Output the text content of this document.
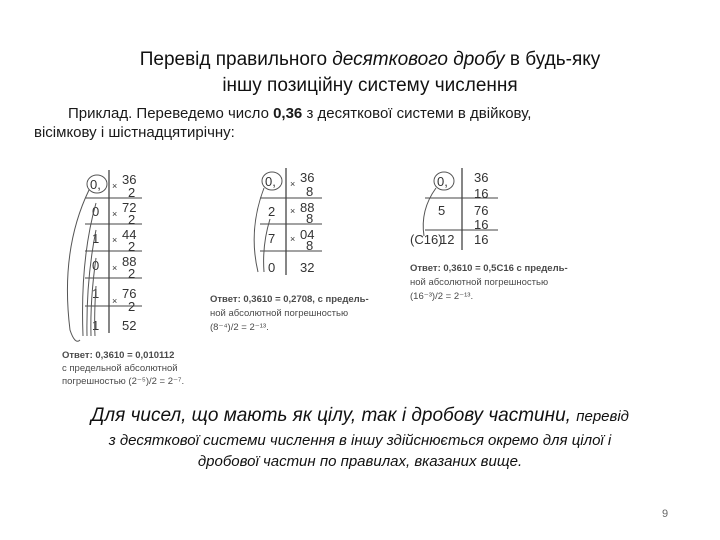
Перевід правильного десяткового дробу в будь-яку
іншу позиційну систему числення
Приклад. Переведемо число 0,36 з десяткової системи в двійкову,
вісімкову і шістнадцятирічну:
0,
0
1
0
1
1
×
×
×
×
×
36
2
72
2
44
2
88
2
76
2
52
Ответ: 0,3610 = 0,010112
с предельной абсолютной
погрешностью (2⁻⁵)/2 = 2⁻⁷.
0,
2
7
0
×
×
×
36
8
88
8
04
8
32
Ответ: 0,3610 = 0,2708, с предель-
ной абсолютной погрешностью
(8⁻⁴)/2 = 2⁻¹³.
0,
5
12
(C16)
36
16
76
16
16
Ответ: 0,3610 = 0,5C16 с предель-
ной абсолютной погрешностью
(16⁻³)/2 = 2⁻¹³.
Для чисел, що мають як цілу, так і дробову частини, перевід
з десяткової системи числення в іншу здійснюється окремо для цілої і
дробової частин по правилах, вказаних вище.
9
